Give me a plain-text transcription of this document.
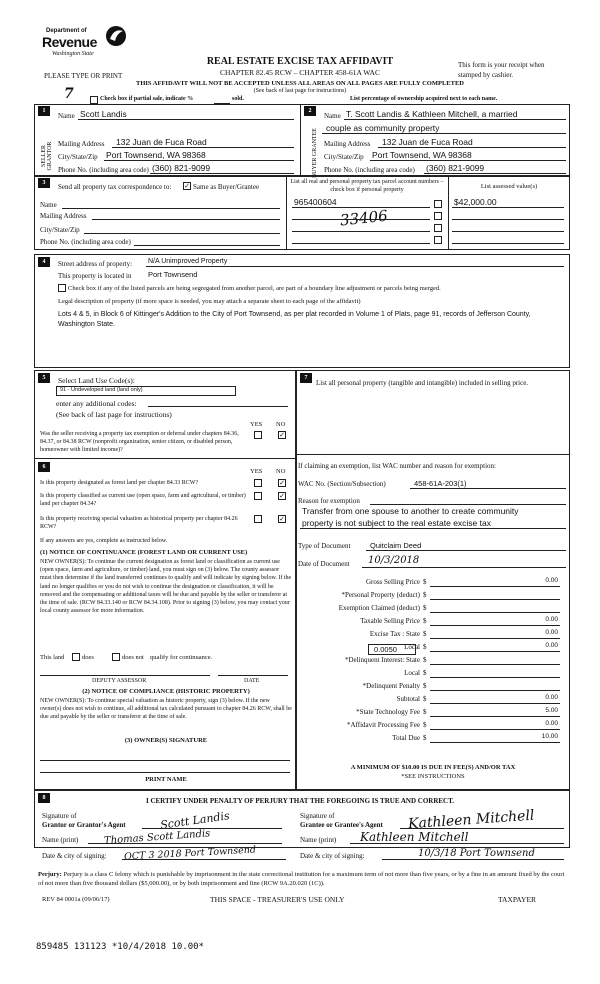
Department of
Revenue
Washington State
PLEASE TYPE OR PRINT
REAL ESTATE EXCISE TAX AFFIDAVIT
CHAPTER 82.45 RCW – CHAPTER 458-61A WAC
This form is your receipt when stamped by cashier.
THIS AFFIDAVIT WILL NOT BE ACCEPTED UNLESS ALL AREAS ON ALL PAGES ARE FULLY COMPLETED
(See back of last page for instructions)
Check box if partial sale, indicate %	sold.	List percentage of ownership acquired next to each name.
7
1	2
SELLER GRANTOR	BUYER GRANTEE
Name Scott Landis
Mailing Address 132 Juan de Fuca Road
City/State/Zip Port Townsend, WA 98368
Phone No. (including area code) (360) 821-9099
Name T. Scott Landis & Kathleen Mitchell, a married
couple as community property
Mailing Address 132 Juan de Fuca Road
City/State/Zip Port Townsend, WA 98368
Phone No. (including area code) (360) 821-9099
3	Send all property tax correspondence to: ✓ Same as Buyer/Grantee
Name
Mailing Address
City/State/Zip
Phone No. (including area code)
List all real and personal property tax parcel account numbers – check box if personal property	List assessed value(s)
965400604	$42,000.00
33406
4	Street address of property: N/A Unimproved Property
This property is located in Port Townsend
Check box if any of the listed parcels are being segregated from another parcel, are part of a boundary line adjustment or parcels being merged.
Legal description of property (if more space is needed, you may attach a separate sheet to each page of the affidavit)
Lots 4 & 5, in Block 6 of Kittinger's Addition to the City of Port Townsend, as per plat recorded in Volume 1 of Plats, page 91, records of Jefferson County, Washington State.
5	Select Land Use Code(s):
91 - Undeveloped land (land only)
enter any additional codes:
(See back of last page for instructions)
YES NO
Was the seller receiving a property tax exemption or deferral under chapters 84.36, 84.37, or 84.38 RCW (nonprofit organization, senior citizen, or disabled person, homeowner with limited income)?
✓
6
YES NO
Is this property designated as forest land per chapter 84.33 RCW?	✓
Is this property classified as current use (open space, farm and agricultural, or timber) land per chapter 84.34?
✓
Is this property receiving special valuation as historical property per chapter 84.26 RCW?
✓
If any answers are yes, complete as instructed below.
(1) NOTICE OF CONTINUANCE (FOREST LAND OR CURRENT USE)
NEW OWNER(S): To continue the current designation as forest land or classification as current use (open space, farm and agriculture, or timber) land, you must sign on (3) below. The county assessor must then determine if the land transferred continues to qualify and will indicate by signing below. If the land no longer qualifies or you do not wish to continue the designation or classification, it will be removed and the compensating or additional taxes will be due and payable by the seller or transferor at the time of sale. (RCW 84.33.140 or RCW 84.34.108). Prior to signing (3) below, you may contact your local county assessor for more information.
This land	does	does not qualify for continuance.
DEPUTY ASSESSOR	DATE
(2) NOTICE OF COMPLIANCE (HISTORIC PROPERTY)
NEW OWNER(S): To continue special valuation as historic property, sign (3) below. If the new owner(s) does not wish to continue, all additional tax calculated pursuant to chapter 84.26 RCW, shall be due and payable by the seller or transferor at the time of sale.
(3) OWNER(S) SIGNATURE
PRINT NAME
7
List all personal property (tangible and intangible) included in selling price.
If claiming an exemption, list WAC number and reason for exemption:
WAC No. (Section/Subsection)	458-61A-203(1)
Reason for exemption
Transfer from one spouse to another to create community
property is not subject to the real estate excise tax
Type of Document	Quitclaim Deed
Date of Document 10/3/2018
Gross Selling Price $	0.00
*Personal Property (deduct) $
Exemption Claimed (deduct) $
Taxable Selling Price $	0.00
Excise Tax : State $	0.00
Local $	0.00
*Delinquent Interest: State $
Local $
*Delinquent Penalty $
Subtotal $	0.00
*State Technology Fee $	5.00
*Affidavit Processing Fee $	0.00
Total Due $	10.00
0.0050
A MINIMUM OF $10.00 IS DUE IN FEE(S) AND/OR TAX
*SEE INSTRUCTIONS
8	I CERTIFY UNDER PENALTY OF PERJURY THAT THE FOREGOING IS TRUE AND CORRECT.
Signature of
Grantor or Grantor's Agent
Name (print)
Date & city of signing:
Scott Landis
Thomas Scott Landis
OCT 3 2018 Port Townsend
Signature of
Grantee or Grantee's Agent
Name (print)
Date & city of signing:
Kathleen Mitchell
Kathleen Mitchell
10/3/18 Port Townsend
Perjury: Perjury is a class C felony which is punishable by imprisonment in the state correctional institution for a maximum term of not more than five years, or by a fine in an amount fixed by the court of not more than five thousand dollars ($5,000.00), or by both imprisonment and fine (RCW 9A.20.020 (1C)).
REV 84 0001a (09/06/17)	THIS SPACE - TREASURER'S USE ONLY	TAXPAYER
859485 131123 *10/4/2018 10.00*
